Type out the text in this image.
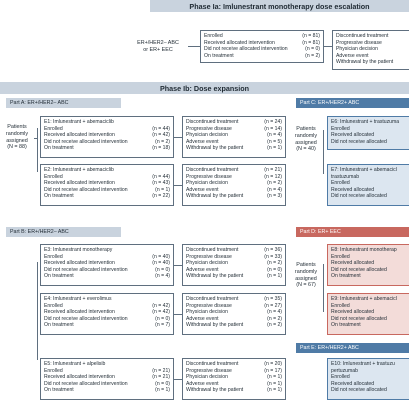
Phase Ia: Imlunestrant monotherapy dose escalation
ER+/HER2– ABC
or ER+ EEC
Enrolled	(n = 81)
Received allocated intervention	(n = 81)
Did not receive allocated intervention	(n = 0)
On treatment	(n = 2)
Discontinued treatment
Progressive disease
Physician decision
Adverse event
Withdrawal by the patient
Phase Ib: Dose expansion
Part A: ER+/HER2– ABC
Patients
randomly
assigned
(N = 88)
E1: Imlunestrant + abemaciclib
Enrolled	(n = 44)
Received allocated intervention	(n = 42)
Did not receive allocated intervention	(n = 2)
On treatment	(n = 18)
Discontinued treatment	(n = 24)
Progressive disease	(n = 14)
Physician decision	(n = 4)
Adverse event	(n = 5)
Withdrawal by the patient	(n = 1)
E2: Imlunestrant + abemaciclib
Enrolled	(n = 44)
Received allocated intervention	(n = 43)
Did not receive allocated intervention	(n = 1)
On treatment	(n = 22)
Discontinued treatment	(n = 21)
Progressive disease	(n = 12)
Physician decision	(n = 2)
Adverse event	(n = 4)
Withdrawal by the patient	(n = 3)
Part C: ER+/HER2+ ABC
Patients
randomly
assigned
(N = 40)
E6: Imlunestrant + trastuzuma
Enrolled
Received allocated
Did not receive allocated
E7: Imlunestrant + abemacicl
trastuzumab
Enrolled
Received allocated
Did not receive allocated
Part B: ER+/HER2– ABC
E3: Imlunestrant monotherapy
Enrolled	(n = 40)
Received allocated intervention	(n = 40)
Did not receive allocated intervention	(n = 0)
On treatment	(n = 4)
Discontinued treatment	(n = 36)
Progressive disease	(n = 33)
Physician decision	(n = 2)
Adverse event	(n = 0)
Withdrawal by the patient	(n = 1)
E4: Imlunestrant + everolimus
Enrolled	(n = 42)
Received allocated intervention	(n = 42)
Did not receive allocated intervention	(n = 0)
On treatment	(n = 7)
Discontinued treatment	(n = 35)
Progressive disease	(n = 27)
Physician decision	(n = 4)
Adverse event	(n = 2)
Withdrawal by the patient	(n = 2)
E5: Imlunestrant + alpelisib
Enrolled	(n = 21)
Received allocated intervention	(n = 21)
Did not receive allocated intervention	(n = 0)
On treatment	(n = 1)
Discontinued treatment	(n = 20)
Progressive disease	(n = 17)
Physician decision	(n = 1)
Adverse event	(n = 1)
Withdrawal by the patient	(n = 1)
Part D: ER+ EEC
Patients
randomly
assigned
(N = 67)
E8: Imlunestrant monotherap
Enrolled
Received allocated
Did not receive allocated
On treatment
E9: Imlunestrant + abemacicl
Enrolled
Received allocated
Did not receive allocated
On treatment
Part E: ER+/HER2+ ABC
E10: Imlunestrant + trastuzu
pertuzumab
Enrolled
Received allocated
Did not receive allocated
